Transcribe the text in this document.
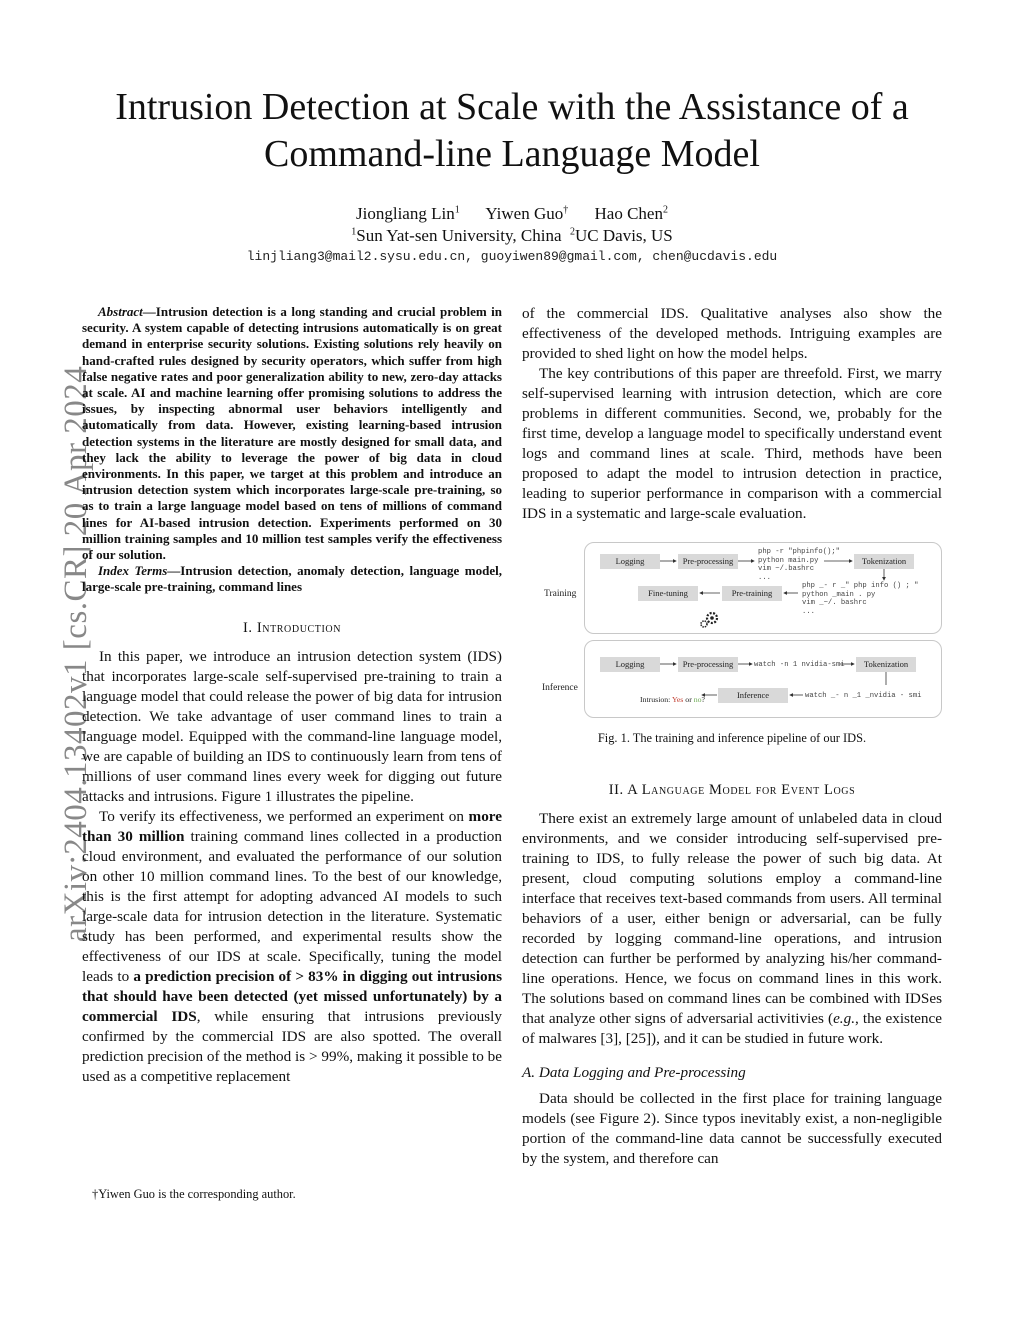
arXiv:2404.13402v1 [cs.CR] 20 Apr 2024
Intrusion Detection at Scale with the Assistance of a Command-line Language Model
Jiongliang Lin$^1$ Yiwen Guo† Hao Chen$^2$
$^1$Sun Yat-sen University, China $^2$UC Davis, US
linjliang3@mail2.sysu.edu.cn, guoyiwen89@gmail.com, chen@ucdavis.edu

Abstract—Intrusion detection is a long standing and crucial problem in security. A system capable of detecting intrusions automatically is on great demand in enterprise security solutions. Existing solutions rely heavily on hand-crafted rules designed by security operators, which suffer from high false negative rates and poor generalization ability to new, zero-day attacks at scale. AI and machine learning offer promising solutions to address the issues, by inspecting abnormal user behaviors intelligently and automatically from data. However, existing learning-based intrusion detection systems in the literature are mostly designed for small data, and they lack the ability to leverage the power of big data in cloud environments. In this paper, we target at this problem and introduce an intrusion detection system which incorporates large-scale pre-training, so as to train a large language model based on tens of millions of command lines for AI-based intrusion detection. Experiments performed on 30 million training samples and 10 million test samples verify the effectiveness of our solution.

Index Terms—Intrusion detection, anomaly detection, language model, large-scale pre-training, command lines

I. Introduction

In this paper, we introduce an intrusion detection system (IDS) that incorporates large-scale self-supervised pre-training to train a language model that could release the power of big data for intrusion detection. We take advantage of user command lines to train a language model. Equipped with the command-line language model, we are capable of building an IDS to continuously learn from tens of millions of user command lines every week for digging out future attacks and intrusions. Figure 1 illustrates the pipeline.

To verify its effectiveness, we performed an experiment on more than 30 million training command lines collected in a production cloud environment, and evaluated the performance of our solution on other 10 million command lines. To the best of our knowledge, this is the first attempt for adopting advanced AI models to such large-scale data for intrusion detection in the literature. Systematic study has been performed, and experimental results show the effectiveness of our IDS at scale. Specifically, tuning the model leads to a prediction precision of > 83% in digging out intrusions that should have been detected (yet missed unfortunately) by a commercial IDS, while ensuring that intrusions previously confirmed by the commercial IDS are also spotted. The overall prediction precision of the method is > 99%, making it possible to be used as a competitive replacement

†Yiwen Guo is the corresponding author.

of the commercial IDS. Qualitative analyses also show the effectiveness of the developed methods. Intriguing examples are provided to shed light on how the model helps.

The key contributions of this paper are threefold. First, we marry self-supervised learning with intrusion detection, which are core problems in different communities. Second, we, probably for the first time, develop a language model to specifically understand event logs and command lines at scale. Third, methods have been proposed to adapt the model to intrusion detection in practice, leading to superior performance in comparison with a commercial IDS in a systematic and large-scale evaluation.

Training
Inference
Logging	Pre-processing
php -r "phpinfo();"
python main.py
vim ~/.bashrc
...
Tokenization
php _- r _" php info () ; "
python _main . py
vim _~/. bashrc
...
Fine-tuning	Pre-training
Logging	Pre-processing	watch -n 1 nvidia-smi	Tokenization
Inference	watch _- n _1 _nvidia - smi
Intrusion: Yes or no?
Fig. 1. The training and inference pipeline of our IDS.
II. A Language Model for Event Logs

There exist an extremely large amount of unlabeled data in cloud environments, and we consider introducing self-supervised pre-training to IDS, to fully release the power of such big data. At present, cloud computing solutions employ a command-line interface that receives text-based commands from users. All terminal behaviors of a user, either benign or adversarial, can be fully recorded by logging command-line operations, and intrusion detection can further be performed by analyzing his/her command-line operations. Hence, we focus on command lines in this work. The solutions based on command lines can be combined with IDSes that analyze other signs of adversarial activitivies (e.g., the existence of malwares [3], [25]), and it can be studied in future work.

A. Data Logging and Pre-processing

Data should be collected in the first place for training language models (see Figure 2). Since typos inevitably exist, a non-negligible portion of the command-line data cannot be successfully executed by the system, and therefore can
